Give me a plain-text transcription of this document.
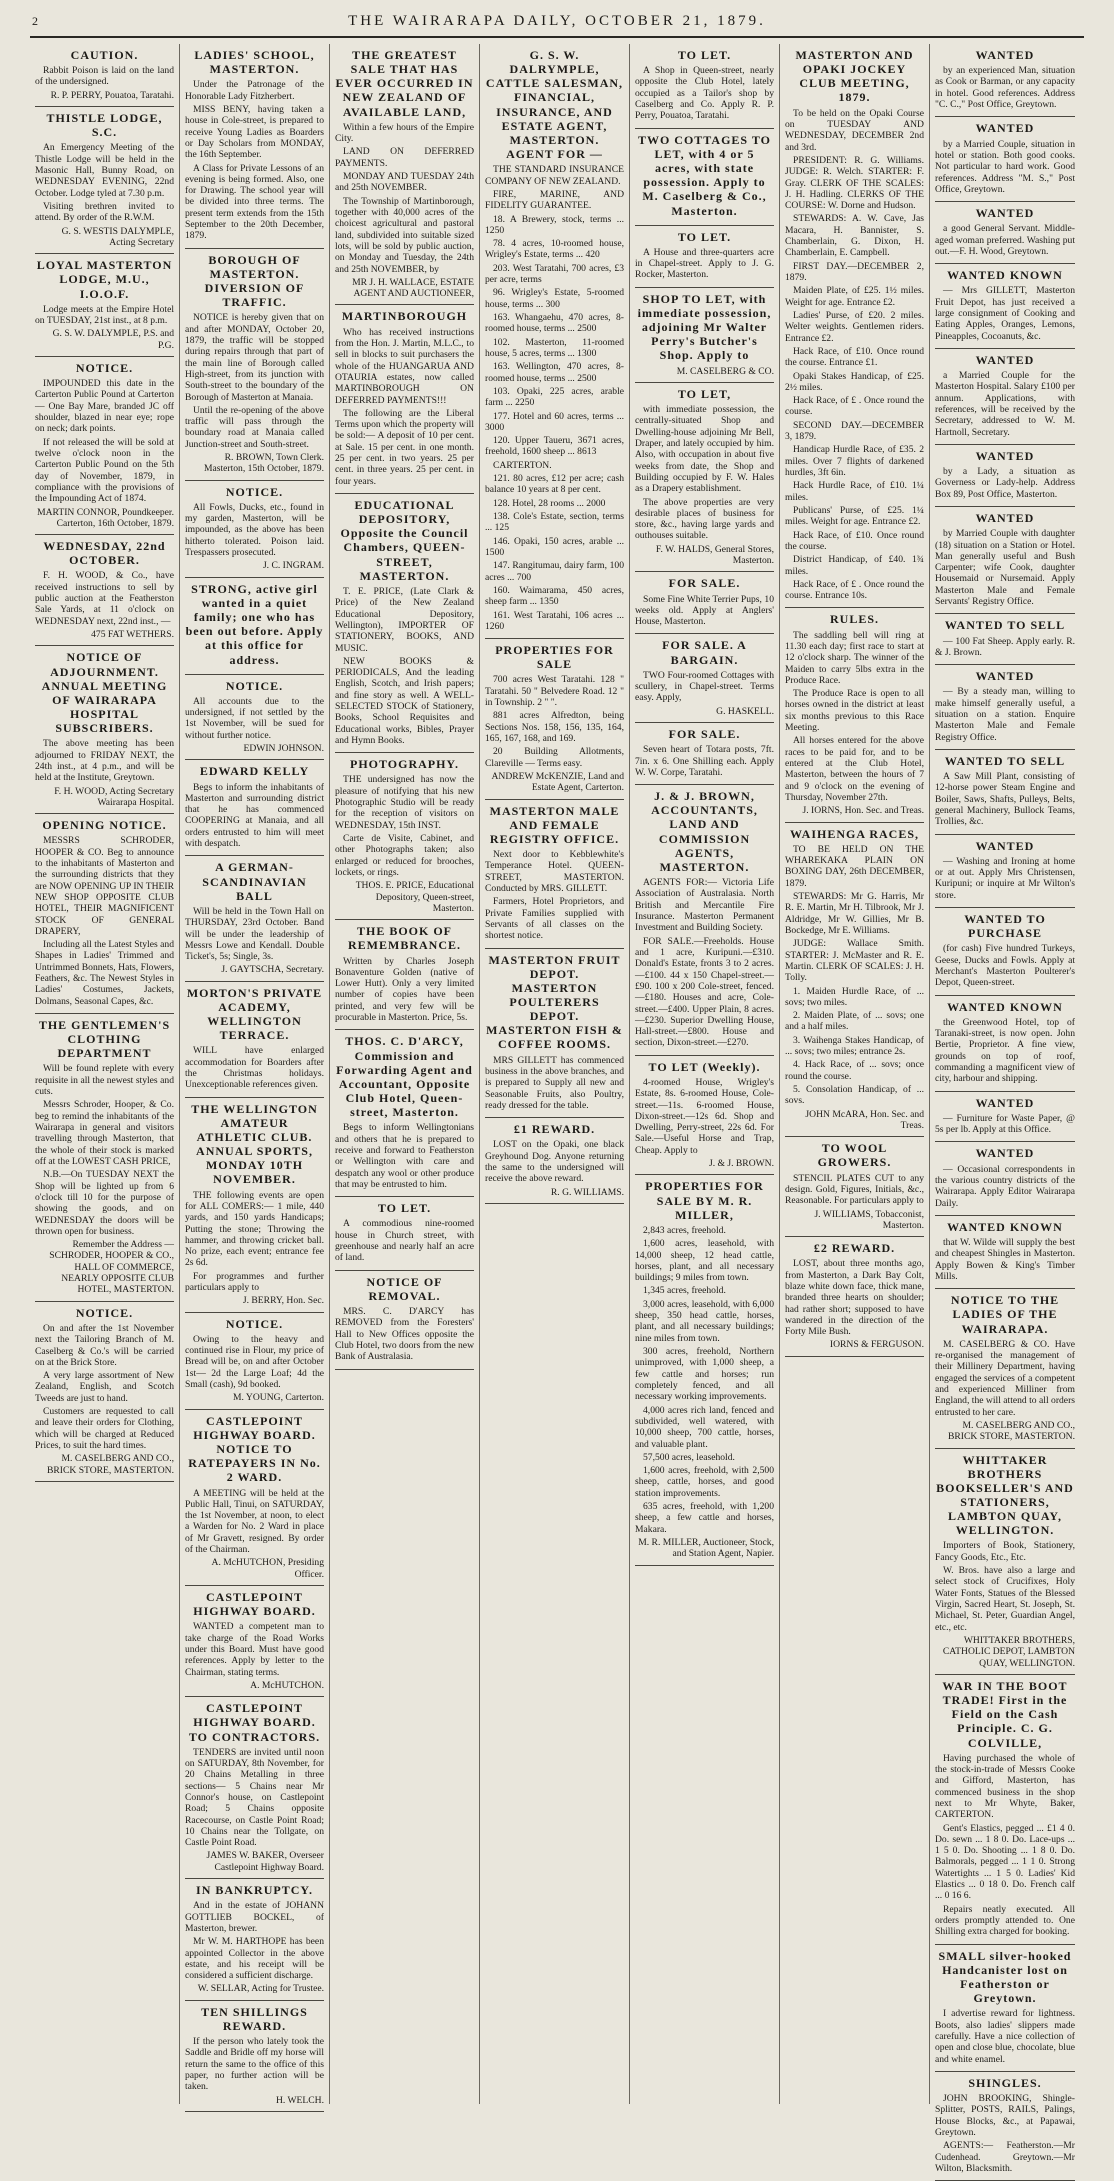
2	THE WAIRARAPA DAILY, OCTOBER 21, 1879.
CAUTION.

Rabbit Poison is laid on the land of the undersigned.

R. P. PERRY, Pouatoa, Taratahi.

THISTLE LODGE, S.C.

An Emergency Meeting of the Thistle Lodge will be held in the Masonic Hall, Bunny Road, on WEDNESDAY EVENING, 22nd October. Lodge tyled at 7.30 p.m.

Visiting brethren invited to attend. By order of the R.W.M.

G. S. WESTIS DALYMPLE, Acting Secretary

LOYAL MASTERTON LODGE, M.U., I.O.O.F.

Lodge meets at the Empire Hotel on TUESDAY, 21st inst., at 8 p.m.

G. S. W. DALYMPLE, P.S. and P.G.

NOTICE.

IMPOUNDED this date in the Carterton Public Pound at Carterton — One Bay Mare, branded JC off shoulder, blazed in near eye; rope on neck; dark points.

If not released the will be sold at twelve o'clock noon in the Carterton Public Pound on the 5th day of November, 1879, in compliance with the provisions of the Impounding Act of 1874.

MARTIN CONNOR, Poundkeeper. Carterton, 16th October, 1879.

WEDNESDAY, 22nd OCTOBER.

F. H. WOOD, & Co., have received instructions to sell by public auction at the Featherston Sale Yards, at 11 o'clock on WEDNESDAY next, 22nd inst., —

475 FAT WETHERS.

NOTICE OF ADJOURNMENT. ANNUAL MEETING OF WAIRARAPA HOSPITAL SUBSCRIBERS.

The above meeting has been adjourned to FRIDAY NEXT, the 24th inst., at 4 p.m., and will be held at the Institute, Greytown.

F. H. WOOD, Acting Secretary Wairarapa Hospital.

OPENING NOTICE.

MESSRS SCHRODER, HOOPER & CO. Beg to announce to the inhabitants of Masterton and the surrounding districts that they are NOW OPENING UP IN THEIR NEW SHOP OPPOSITE CLUB HOTEL, THEIR MAGNIFICENT STOCK OF GENERAL DRAPERY,

Including all the Latest Styles and Shapes in Ladies' Trimmed and Untrimmed Bonnets, Hats, Flowers, Feathers, &c. The Newest Styles in Ladies' Costumes, Jackets, Dolmans, Seasonal Capes, &c.

THE GENTLEMEN'S CLOTHING DEPARTMENT

Will be found replete with every requisite in all the newest styles and cuts.

Messrs Schroder, Hooper, & Co. beg to remind the inhabitants of the Wairarapa in general and visitors travelling through Masterton, that the whole of their stock is marked off at the LOWEST CASH PRICE,

N.B.—On TUESDAY NEXT the Shop will be lighted up from 6 o'clock till 10 for the purpose of showing the goods, and on WEDNESDAY the doors will be thrown open for business.

Remember the Address — SCHRODER, HOOPER & CO., HALL OF COMMERCE, NEARLY OPPOSITE CLUB HOTEL, MASTERTON.

NOTICE.

On and after the 1st November next the Tailoring Branch of M. Caselberg & Co.'s will be carried on at the Brick Store.

A very large assortment of New Zealand, English, and Scotch Tweeds are just to hand.

Customers are requested to call and leave their orders for Clothing, which will be charged at Reduced Prices, to suit the hard times.

M. CASELBERG AND CO., BRICK STORE, MASTERTON.

LADIES' SCHOOL, MASTERTON.

Under the Patronage of the Honorable Lady Fitzherbert.

MISS BENY, having taken a house in Cole-street, is prepared to receive Young Ladies as Boarders or Day Scholars from MONDAY, the 16th September.

A Class for Private Lessons of an evening is being formed. Also, one for Drawing. The school year will be divided into three terms. The present term extends from the 15th September to the 20th December, 1879.

BOROUGH OF MASTERTON. DIVERSION OF TRAFFIC.

NOTICE is hereby given that on and after MONDAY, October 20, 1879, the traffic will be stopped during repairs through that part of the main line of Borough called High-street, from its junction with South-street to the boundary of the Borough of Masterton at Manaia.

Until the re-opening of the above traffic will pass through the boundary road at Manaia called Junction-street and South-street.

R. BROWN, Town Clerk. Masterton, 15th October, 1879.

NOTICE.

All Fowls, Ducks, etc., found in my garden, Masterton, will be impounded, as the above has been hitherto tolerated. Poison laid. Trespassers prosecuted.

J. C. INGRAM.

STRONG, active girl wanted in a quiet family; one who has been out before. Apply at this office for address.
NOTICE.

All accounts due to the undersigned, if not settled by the 1st November, will be sued for without further notice.

EDWIN JOHNSON.

EDWARD KELLY

Begs to inform the inhabitants of Masterton and surrounding district that he has commenced COOPERING at Manaia, and all orders entrusted to him will meet with despatch.

A GERMAN-SCANDINAVIAN BALL

Will be held in the Town Hall on THURSDAY, 23rd October. Band will be under the leadership of Messrs Lowe and Kendall. Double Ticket's, 5s; Single, 3s.

J. GAYTSCHA, Secretary.

MORTON'S PRIVATE ACADEMY, WELLINGTON TERRACE.

WILL have enlarged accommodation for Boarders after the Christmas holidays. Unexceptionable references given.

THE WELLINGTON AMATEUR ATHLETIC CLUB. ANNUAL SPORTS, MONDAY 10TH NOVEMBER.

THE following events are open for ALL COMERS:— 1 mile, 440 yards, and 150 yards Handicaps; Putting the stone; Throwing the hammer, and throwing cricket ball. No prize, each event; entrance fee 2s 6d.

For programmes and further particulars apply to

J. BERRY, Hon. Sec.

NOTICE.

Owing to the heavy and continued rise in Flour, my price of Bread will be, on and after October 1st— 2d the Large Loaf; 4d the Small (cash), 9d booked.

M. YOUNG, Carterton.

CASTLEPOINT HIGHWAY BOARD. NOTICE TO RATEPAYERS IN No. 2 WARD.

A MEETING will be held at the Public Hall, Tinui, on SATURDAY, the 1st November, at noon, to elect a Warden for No. 2 Ward in place of Mr Gravett, resigned. By order of the Chairman.

A. McHUTCHON, Presiding Officer.

CASTLEPOINT HIGHWAY BOARD.

WANTED a competent man to take charge of the Road Works under this Board. Must have good references. Apply by letter to the Chairman, stating terms.

A. McHUTCHON.

CASTLEPOINT HIGHWAY BOARD. TO CONTRACTORS.

TENDERS are invited until noon on SATURDAY, 8th November, for 20 Chains Metalling in three sections— 5 Chains near Mr Connor's house, on Castlepoint Road; 5 Chains opposite Racecourse, on Castle Point Road; 10 Chains near the Tollgate, on Castle Point Road.

JAMES W. BAKER, Overseer Castlepoint Highway Board.

IN BANKRUPTCY.

And in the estate of JOHANN GOTTLIEB BOCKEL, of Masterton, brewer.

Mr W. M. HARTHOPE has been appointed Collector in the above estate, and his receipt will be considered a sufficient discharge.

W. SELLAR, Acting for Trustee.

TEN SHILLINGS REWARD.

If the person who lately took the Saddle and Bridle off my horse will return the same to the office of this paper, no further action will be taken.

H. WELCH.

THE GREATEST SALE THAT HAS EVER OCCURRED IN NEW ZEALAND OF AVAILABLE LAND,

Within a few hours of the Empire City.

LAND ON DEFERRED PAYMENTS.

MONDAY AND TUESDAY 24th and 25th NOVEMBER.

The Township of Martinborough, together with 40,000 acres of the choicest agricultural and pastoral land, subdivided into suitable sized lots, will be sold by public auction, on Monday and Tuesday, the 24th and 25th NOVEMBER, by

MR J. H. WALLACE, ESTATE AGENT AND AUCTIONEER,

MARTINBOROUGH

Who has received instructions from the Hon. J. Martin, M.L.C., to sell in blocks to suit purchasers the whole of the HUANGARUA AND OTAURIA estates, now called MARTINBOROUGH ON DEFERRED PAYMENTS!!!

The following are the Liberal Terms upon which the property will be sold:— A deposit of 10 per cent. at Sale. 15 per cent. in one month. 25 per cent. in two years. 25 per cent. in three years. 25 per cent. in four years.

EDUCATIONAL DEPOSITORY, Opposite the Council Chambers, QUEEN-STREET, MASTERTON.

T. E. PRICE, (Late Clark & Price) of the New Zealand Educational Depository, Wellington), IMPORTER OF STATIONERY, BOOKS, AND MUSIC.

NEW BOOKS & PERIODICALS, And the leading English, Scotch, and Irish papers; and fine story as well. A WELL-SELECTED STOCK of Stationery, Books, School Requisites and Educational works, Bibles, Prayer and Hymn Books.

PHOTOGRAPHY.

THE undersigned has now the pleasure of notifying that his new Photographic Studio will be ready for the reception of visitors on WEDNESDAY, 15th INST.

Carte de Visite, Cabinet, and other Photographs taken; also enlarged or reduced for brooches, lockets, or rings.

THOS. E. PRICE, Educational Depository, Queen-street, Masterton.

THE BOOK OF REMEMBRANCE.

Written by Charles Joseph Bonaventure Golden (native of Lower Hutt). Only a very limited number of copies have been printed, and very few will be procurable in Masterton. Price, 5s.

THOS. C. D'ARCY, Commission and Forwarding Agent and Accountant, Opposite Club Hotel, Queen-street, Masterton.

Begs to inform Wellingtonians and others that he is prepared to receive and forward to Featherston or Wellington with care and despatch any wool or other produce that may be entrusted to him.

TO LET.

A commodious nine-roomed house in Church street, with greenhouse and nearly half an acre of land.

NOTICE OF REMOVAL.

MRS. C. D'ARCY has REMOVED from the Foresters' Hall to New Offices opposite the Club Hotel, two doors from the new Bank of Australasia.

G. S. W. DALRYMPLE, CATTLE SALESMAN, FINANCIAL, INSURANCE, AND ESTATE AGENT, MASTERTON. AGENT FOR —

THE STANDARD INSURANCE COMPANY OF NEW ZEALAND.

FIRE, MARINE, AND FIDELITY GUARANTEE.

18. A Brewery, stock, terms ... 1250

78. 4 acres, 10-roomed house, Wrigley's Estate, terms ... 420

203. West Taratahi, 700 acres, £3 per acre, terms

96. Wrigley's Estate, 5-roomed house, terms ... 300

163. Whangaehu, 470 acres, 8-roomed house, terms ... 2500

102. Masterton, 11-roomed house, 5 acres, terms ... 1300

163. Wellington, 470 acres, 8-roomed house, terms ... 2500

103. Opaki, 225 acres, arable farm ... 2250

177. Hotel and 60 acres, terms ... 3000

120. Upper Taueru, 3671 acres, freehold, 1600 sheep ... 8613

CARTERTON.

121. 80 acres, £12 per acre; cash balance 10 years at 8 per cent.

128. Hotel, 28 rooms ... 2000

138. Cole's Estate, section, terms ... 125

146. Opaki, 150 acres, arable ... 1500

147. Rangitumau, dairy farm, 100 acres ... 700

160. Waimarama, 450 acres, sheep farm ... 1350

161. West Taratahi, 106 acres ... 1260

PROPERTIES FOR SALE

700 acres West Taratahi. 128 " Taratahi. 50 " Belvedere Road. 12 " in Township. 2 " ".

881 acres Alfredton, being Sections Nos. 158, 156, 135, 164, 165, 167, 168, and 169.

20 Building Allotments, Clareville — Terms easy.

ANDREW McKENZIE, Land and Estate Agent, Carterton.

MASTERTON MALE AND FEMALE REGISTRY OFFICE.

Next door to Kebblewhite's Temperance Hotel. QUEEN-STREET, MASTERTON. Conducted by MRS. GILLETT.

Farmers, Hotel Proprietors, and Private Families supplied with Servants of all classes on the shortest notice.

MASTERTON FRUIT DEPOT. MASTERTON POULTERERS DEPOT. MASTERTON FISH & COFFEE ROOMS.

MRS GILLETT has commenced business in the above branches, and is prepared to Supply all new and Seasonable Fruits, also Poultry, ready dressed for the table.

£1 REWARD.

LOST on the Opaki, one black Greyhound Dog. Anyone returning the same to the undersigned will receive the above reward.

R. G. WILLIAMS.

TO LET.

A Shop in Queen-street, nearly opposite the Club Hotel, lately occupied as a Tailor's shop by Caselberg and Co. Apply R. P. Perry, Pouatoa, Taratahi.

TWO COTTAGES TO LET, with 4 or 5 acres, with state possession. Apply to M. Caselberg & Co., Masterton.
TO LET.

A House and three-quarters acre in Chapel-street. Apply to J. G. Rocker, Masterton.

SHOP TO LET, with immediate possession, adjoining Mr Walter Perry's Butcher's Shop. Apply to

M. CASELBERG & CO.

TO LET,

with immediate possession, the centrally-situated Shop and Dwelling-house adjoining Mr Bell, Draper, and lately occupied by him. Also, with occupation in about five weeks from date, the Shop and Building occupied by F. W. Hales as a Drapery establishment.

The above properties are very desirable places of business for store, &c., having large yards and outhouses suitable.

F. W. HALDS, General Stores, Masterton.

FOR SALE.

Some Fine White Terrier Pups, 10 weeks old. Apply at Anglers' House, Masterton.

FOR SALE. A BARGAIN.

TWO Four-roomed Cottages with scullery, in Chapel-street. Terms easy. Apply,

G. HASKELL.

FOR SALE.

Seven heart of Totara posts, 7ft. 7in. x 6. One Shilling each. Apply W. W. Corpe, Taratahi.

J. & J. BROWN, ACCOUNTANTS, LAND AND COMMISSION AGENTS, MASTERTON.

AGENTS FOR:— Victoria Life Association of Australasia. North British and Mercantile Fire Insurance. Masterton Permanent Investment and Building Society.

FOR SALE.—Freeholds. House and 1 acre, Kuripuni.—£310. Donald's Estate, fronts 3 to 2 acres.—£100. 44 x 150 Chapel-street.—£90. 100 x 200 Cole-street, fenced.—£180. Houses and acre, Cole-street.—£400. Upper Plain, 8 acres.—£230. Superior Dwelling House, Hall-street.—£800. House and section, Dixon-street.—£270.

TO LET (Weekly).

4-roomed House, Wrigley's Estate, 8s. 6-roomed House, Cole-street.—11s. 6-roomed House, Dixon-street.—12s 6d. Shop and Dwelling, Perry-street, 22s 6d. For Sale.—Useful Horse and Trap, Cheap. Apply to

J. & J. BROWN.

PROPERTIES FOR SALE BY M. R. MILLER,

2,843 acres, freehold.

1,600 acres, leasehold, with 14,000 sheep, 12 head cattle, horses, plant, and all necessary buildings; 9 miles from town.

1,345 acres, freehold.

3,000 acres, leasehold, with 6,000 sheep, 350 head cattle, horses, plant, and all necessary buildings; nine miles from town.

300 acres, freehold, Northern unimproved, with 1,000 sheep, a few cattle and horses; run completely fenced, and all necessary working improvements.

4,000 acres rich land, fenced and subdivided, well watered, with 10,000 sheep, 700 cattle, horses, and valuable plant.

57,500 acres, leasehold.

1,600 acres, freehold, with 2,500 sheep, cattle, horses, and good station improvements.

635 acres, freehold, with 1,200 sheep, a few cattle and horses, Makara.

M. R. MILLER, Auctioneer, Stock, and Station Agent, Napier.

MASTERTON AND OPAKI JOCKEY CLUB MEETING, 1879.

To be held on the Opaki Course on TUESDAY AND WEDNESDAY, DECEMBER 2nd and 3rd.

PRESIDENT: R. G. Williams. JUDGE: R. Welch. STARTER: F. Gray. CLERK OF THE SCALES: J. H. Hadling. CLERKS OF THE COURSE: W. Dorne and Hudson.

STEWARDS: A. W. Cave, Jas Macara, H. Bannister, S. Chamberlain, G. Dixon, H. Chamberlain, E. Campbell.

FIRST DAY.—DECEMBER 2, 1879.

Maiden Plate, of £25. 1½ miles. Weight for age. Entrance £2.

Ladies' Purse, of £20. 2 miles. Welter weights. Gentlemen riders. Entrance £2.

Hack Race, of £10. Once round the course. Entrance £1.

Opaki Stakes Handicap, of £25. 2½ miles.

Hack Race, of £ . Once round the course.

SECOND DAY.—DECEMBER 3, 1879.

Handicap Hurdle Race, of £35. 2 miles. Over 7 flights of darkened hurdles, 3ft 6in.

Hack Hurdle Race, of £10. 1¼ miles.

Publicans' Purse, of £25. 1¼ miles. Weight for age. Entrance £2.

Hack Race, of £10. Once round the course.

District Handicap, of £40. 1¾ miles.

Hack Race, of £ . Once round the course. Entrance 10s.

RULES.

The saddling bell will ring at 11.30 each day; first race to start at 12 o'clock sharp. The winner of the Maiden to carry 5lbs extra in the Produce Race.

The Produce Race is open to all horses owned in the district at least six months previous to this Race Meeting.

All horses entered for the above races to be paid for, and to be entered at the Club Hotel, Masterton, between the hours of 7 and 9 o'clock on the evening of Thursday, November 27th.

J. IORNS, Hon. Sec. and Treas.

WAIHENGA RACES,

TO BE HELD ON THE WHAREKAKA PLAIN ON BOXING DAY, 26th DECEMBER, 1879.

STEWARDS: Mr G. Harris, Mr R. E. Martin, Mr H. Tilbrook, Mr J. Aldridge, Mr W. Gillies, Mr B. Bockedge, Mr E. Williams.

JUDGE: Wallace Smith. STARTER: J. McMaster and R. E. Martin. CLERK OF SCALES: J. H. Tolly.

1. Maiden Hurdle Race, of ... sovs; two miles.

2. Maiden Plate, of ... sovs; one and a half miles.

3. Waihenga Stakes Handicap, of ... sovs; two miles; entrance 2s.

4. Hack Race, of ... sovs; once round the course.

5. Consolation Handicap, of ... sovs.

JOHN McARA, Hon. Sec. and Treas.

TO WOOL GROWERS.

STENCIL PLATES CUT to any design. Gold, Figures, Initials, &c., Reasonable. For particulars apply to

J. WILLIAMS, Tobacconist, Masterton.

£2 REWARD.

LOST, about three months ago, from Masterton, a Dark Bay Colt, blaze white down face, thick mane, branded three hearts on shoulder; had rather short; supposed to have wandered in the direction of the Forty Mile Bush.

IORNS & FERGUSON.

WANTED

by an experienced Man, situation as Cook or Barman, or any capacity in hotel. Good references. Address "C. C.," Post Office, Greytown.

WANTED

by a Married Couple, situation in hotel or station. Both good cooks. Not particular to hard work. Good references. Address "M. S.," Post Office, Greytown.

WANTED

a good General Servant. Middle-aged woman preferred. Washing put out.—F. H. Wood, Greytown.

WANTED KNOWN

— Mrs GILLETT, Masterton Fruit Depot, has just received a large consignment of Cooking and Eating Apples, Oranges, Lemons, Pineapples, Cocoanuts, &c.

WANTED

a Married Couple for the Masterton Hospital. Salary £100 per annum. Applications, with references, will be received by the Secretary, addressed to W. M. Hartnoll, Secretary.

WANTED

by a Lady, a situation as Governess or Lady-help. Address Box 89, Post Office, Masterton.

WANTED

by Married Couple with daughter (18) situation on a Station or Hotel. Man generally useful and Bush Carpenter; wife Cook, daughter Housemaid or Nursemaid. Apply Masterton Male and Female Servants' Registry Office.

WANTED TO SELL

— 100 Fat Sheep. Apply early. R. & J. Brown.

WANTED

— By a steady man, willing to make himself generally useful, a situation on a station. Enquire Masterton Male and Female Registry Office.

WANTED TO SELL

A Saw Mill Plant, consisting of 12-horse power Steam Engine and Boiler, Saws, Shafts, Pulleys, Belts, general Machinery, Bullock Teams, Trollies, &c.

WANTED

— Washing and Ironing at home or at out. Apply Mrs Christensen, Kuripuni; or inquire at Mr Wilton's store.

WANTED TO PURCHASE

(for cash) Five hundred Turkeys, Geese, Ducks and Fowls. Apply at Merchant's Masterton Poulterer's Depot, Queen-street.

WANTED KNOWN

the Greenwood Hotel, top of Taranaki-street, is now open. John Bertie, Proprietor. A fine view, grounds on top of roof, commanding a magnificent view of city, harbour and shipping.

WANTED

— Furniture for Waste Paper, @ 5s per lb. Apply at this Office.

WANTED

— Occasional correspondents in the various country districts of the Wairarapa. Apply Editor Wairarapa Daily.

WANTED KNOWN

that W. Wilde will supply the best and cheapest Shingles in Masterton. Apply Bowen & King's Timber Mills.

NOTICE TO THE LADIES OF THE WAIRARAPA.

M. CASELBERG & CO. Have re-organised the management of their Millinery Department, having engaged the services of a competent and experienced Milliner from England, the will attend to all orders entrusted to her care.

M. CASELBERG AND CO., BRICK STORE, MASTERTON.

WHITTAKER BROTHERS BOOKSELLER'S AND STATIONERS, LAMBTON QUAY, WELLINGTON.

Importers of Book, Stationery, Fancy Goods, Etc., Etc.

W. Bros. have also a large and select stock of Crucifixes, Holy Water Fonts, Statues of the Blessed Virgin, Sacred Heart, St. Joseph, St. Michael, St. Peter, Guardian Angel, etc., etc.

WHITTAKER BROTHERS, CATHOLIC DEPOT, LAMBTON QUAY, WELLINGTON.

WAR IN THE BOOT TRADE! First in the Field on the Cash Principle. C. G. COLVILLE,

Having purchased the whole of the stock-in-trade of Messrs Cooke and Gifford, Masterton, has commenced business in the shop next to Mr Whyte, Baker, CARTERTON.

Gent's Elastics, pegged ... £1 4 0. Do. sewn ... 1 8 0. Do. Lace-ups ... 1 5 0. Do. Shooting ... 1 8 0. Do. Balmorals, pegged ... 1 1 0. Strong Watertights ... 1 5 0. Ladies' Kid Elastics ... 0 18 0. Do. French calf ... 0 16 6.

Repairs neatly executed. All orders promptly attended to. One Shilling extra charged for booking.

SMALL silver-hooked Handcanister lost on Featherston or Greytown.

I advertise reward for lightness. Boots, also ladies' slippers made carefully. Have a nice collection of open and close blue, chocolate, blue and white enamel.

SHINGLES.

JOHN BROOKING, Shingle-Splitter, POSTS, RAILS, Palings, House Blocks, &c., at Papawai, Greytown.

AGENTS:— Featherston.—Mr Cudenhead. Greytown.—Mr Wilton, Blacksmith.
